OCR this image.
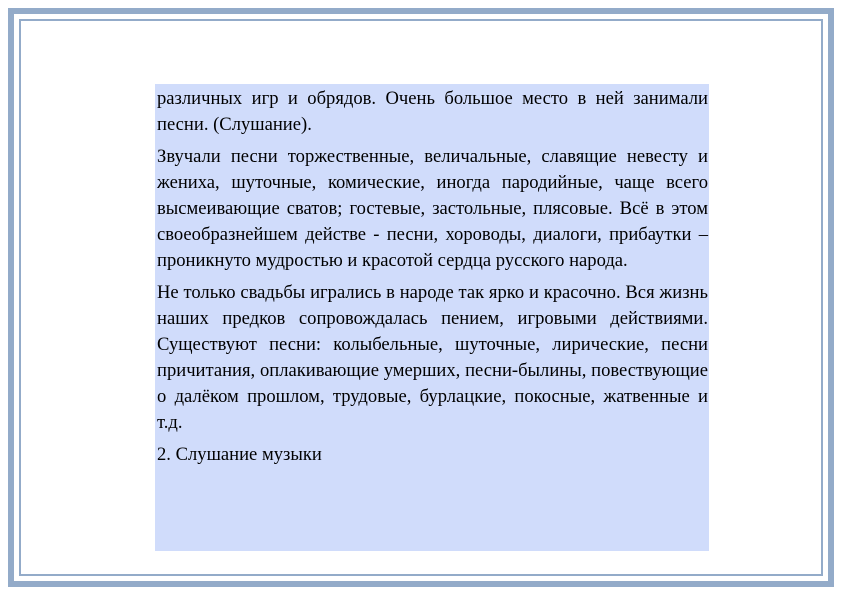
различных игр и обрядов. Очень большое место в ней занимали песни. (Слушание).

Звучали песни торжественные, величальные, славящие невесту и жениха, шуточные, комические, иногда пародийные, чаще всего высмеивающие сватов; гостевые, застольные, плясовые. Всё в этом своеобразнейшем действе - песни, хороводы, диалоги, прибаутки – проникнуто мудростью и красотой сердца русского народа.

Не только свадьбы игрались в народе так ярко и красочно. Вся жизнь наших предков сопровождалась пением, игровыми действиями. Существуют песни: колыбельные, шуточные, лирические, песни причитания, оплакивающие умерших, песни-былины, повествующие о далёком прошлом, трудовые, бурлацкие, покосные, жатвенные и т.д.

2. Слушание музыки
